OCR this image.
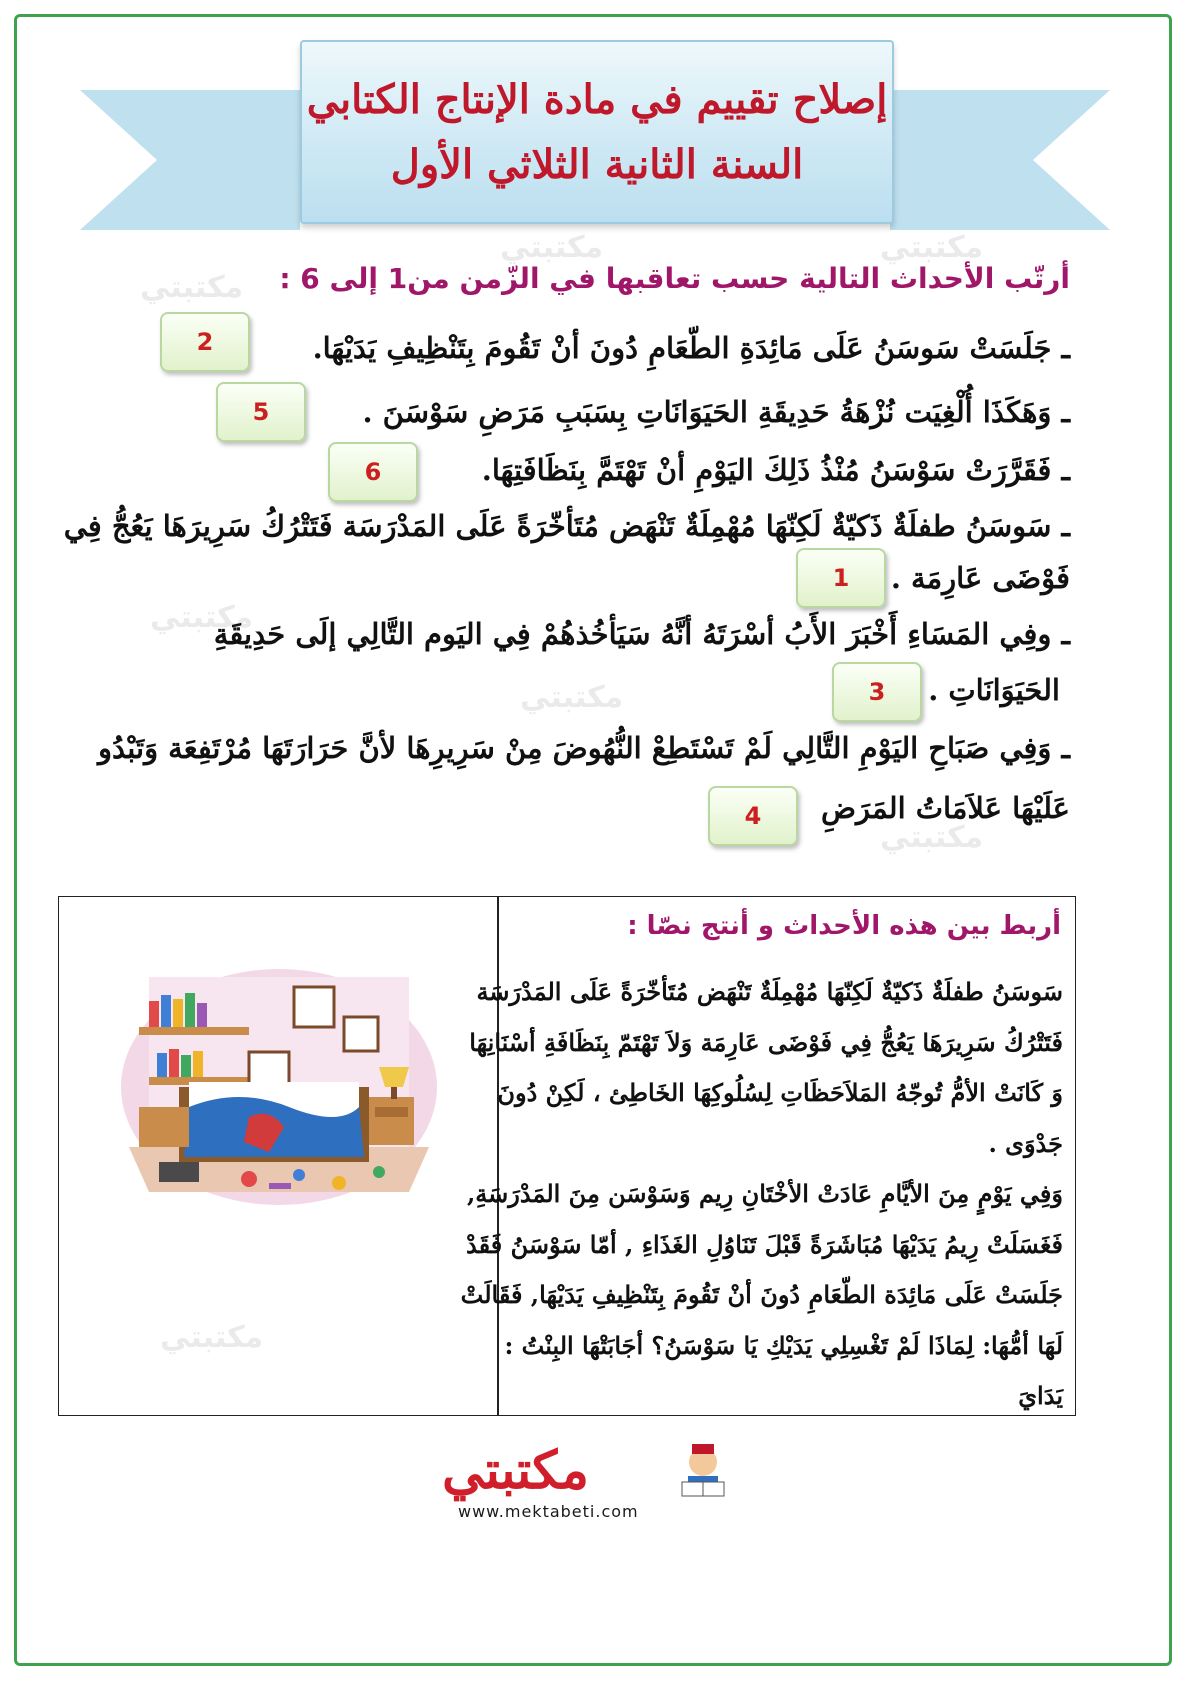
مكتبتي
مكتبتي	مكتبتي
مكتبتي
مكتبتي
مكتبتي
مكتبتي
إصلاح تقييم في مادة الإنتاج الكتابي
السنة الثانية الثلاثي الأول
أرتّب الأحداث التالية حسب تعاقبها في الزّمن من1 إلى 6 :
ـ جَلَسَتْ سَوسَنُ عَلَى مَائِدَةِ الطّعَامِ دُونَ أنْ تَقُومَ بِتَنْظِيفِ يَدَيْهَا.
2
ـ وَهَكَذَا أُلْغِيَت نُزْهَةُ حَدِيقَةِ الحَيَوَانَاتِ بِسَبَبِ مَرَضِ سَوْسَنَ .
5
ـ فَقَرَّرَتْ سَوْسَنُ مُنْذُ ذَلِكَ اليَوْمِ أنْ تَهْتَمَّ بِنَظَافَتِهَا.
6
ـ سَوسَنُ طفلَةٌ ذَكيّةٌ لَكِنّهَا مُهْمِلَةٌ تَنْهَض مُتَأخّرَةً عَلَى المَدْرَسَة فَتَتْرُكُ سَرِيرَهَا يَعُجُّ فِي
فَوْضَى عَارِمَة .
1
ـ وفِي المَسَاءِ أَخْبَرَ الأَبُ أسْرَتَهُ أنَّهُ سَيَأخُذهُمْ فِي اليَوم التَّالِي إلَى حَدِيقَةِ
الحَيَوَانَاتِ .
3
ـ وَفِي صَبَاحِ اليَوْمِ التَّالِي لَمْ تَسْتَطِعْ النُّهُوضَ مِنْ سَرِيرِهَا لأنَّ حَرَارَتَهَا مُرْتَفِعَة وَتَبْدُو
عَلَيْهَا عَلاَمَاتُ المَرَضِ
4
أربط بين هذه الأحداث و أنتج نصّا :

سَوسَنُ طفلَةٌ ذَكيّةٌ لَكِنّهَا مُهْمِلَةٌ تَنْهَض مُتَأخّرَةً عَلَى المَدْرَسَة فَتَتْرُكُ سَرِيرَهَا يَعُجُّ فِي فَوْضَى عَارِمَة وَلاَ تَهْتَمّ بِنَظَافَةِ أسْنَانِهَا وَ كَانَتْ الأمُّ تُوجّهُ المَلاَحَظَاتِ لِسُلُوكِهَا الخَاطِئ ، لَكِنْ دُونَ جَدْوَى .

وَفِي يَوْمٍ مِنَ الأيَّامِ عَادَتْ الأخْتَانِ رِيم وَسَوْسَن مِنَ المَدْرَسَةِ, فَغَسَلَتْ رِيمُ يَدَيْهَا مُبَاشَرَةً قَبْلَ تَنَاوُلِ الغَذَاءِ , أمّا سَوْسَنُ فَقَدْ جَلَسَتْ عَلَى مَائِدَة الطّعَامِ دُونَ أنْ تَقُومَ بِتَنْظِيفِ يَدَيْهَا, فَقَالَتْ لَهَا أمُّهَا: لِمَاذَا لَمْ تَغْسِلِي يَدَيْكِ يَا سَوْسَنُ؟ أجَابَتْهَا البِنْتُ : يَدَايَ

مكتبتي
www.mektabeti.com
